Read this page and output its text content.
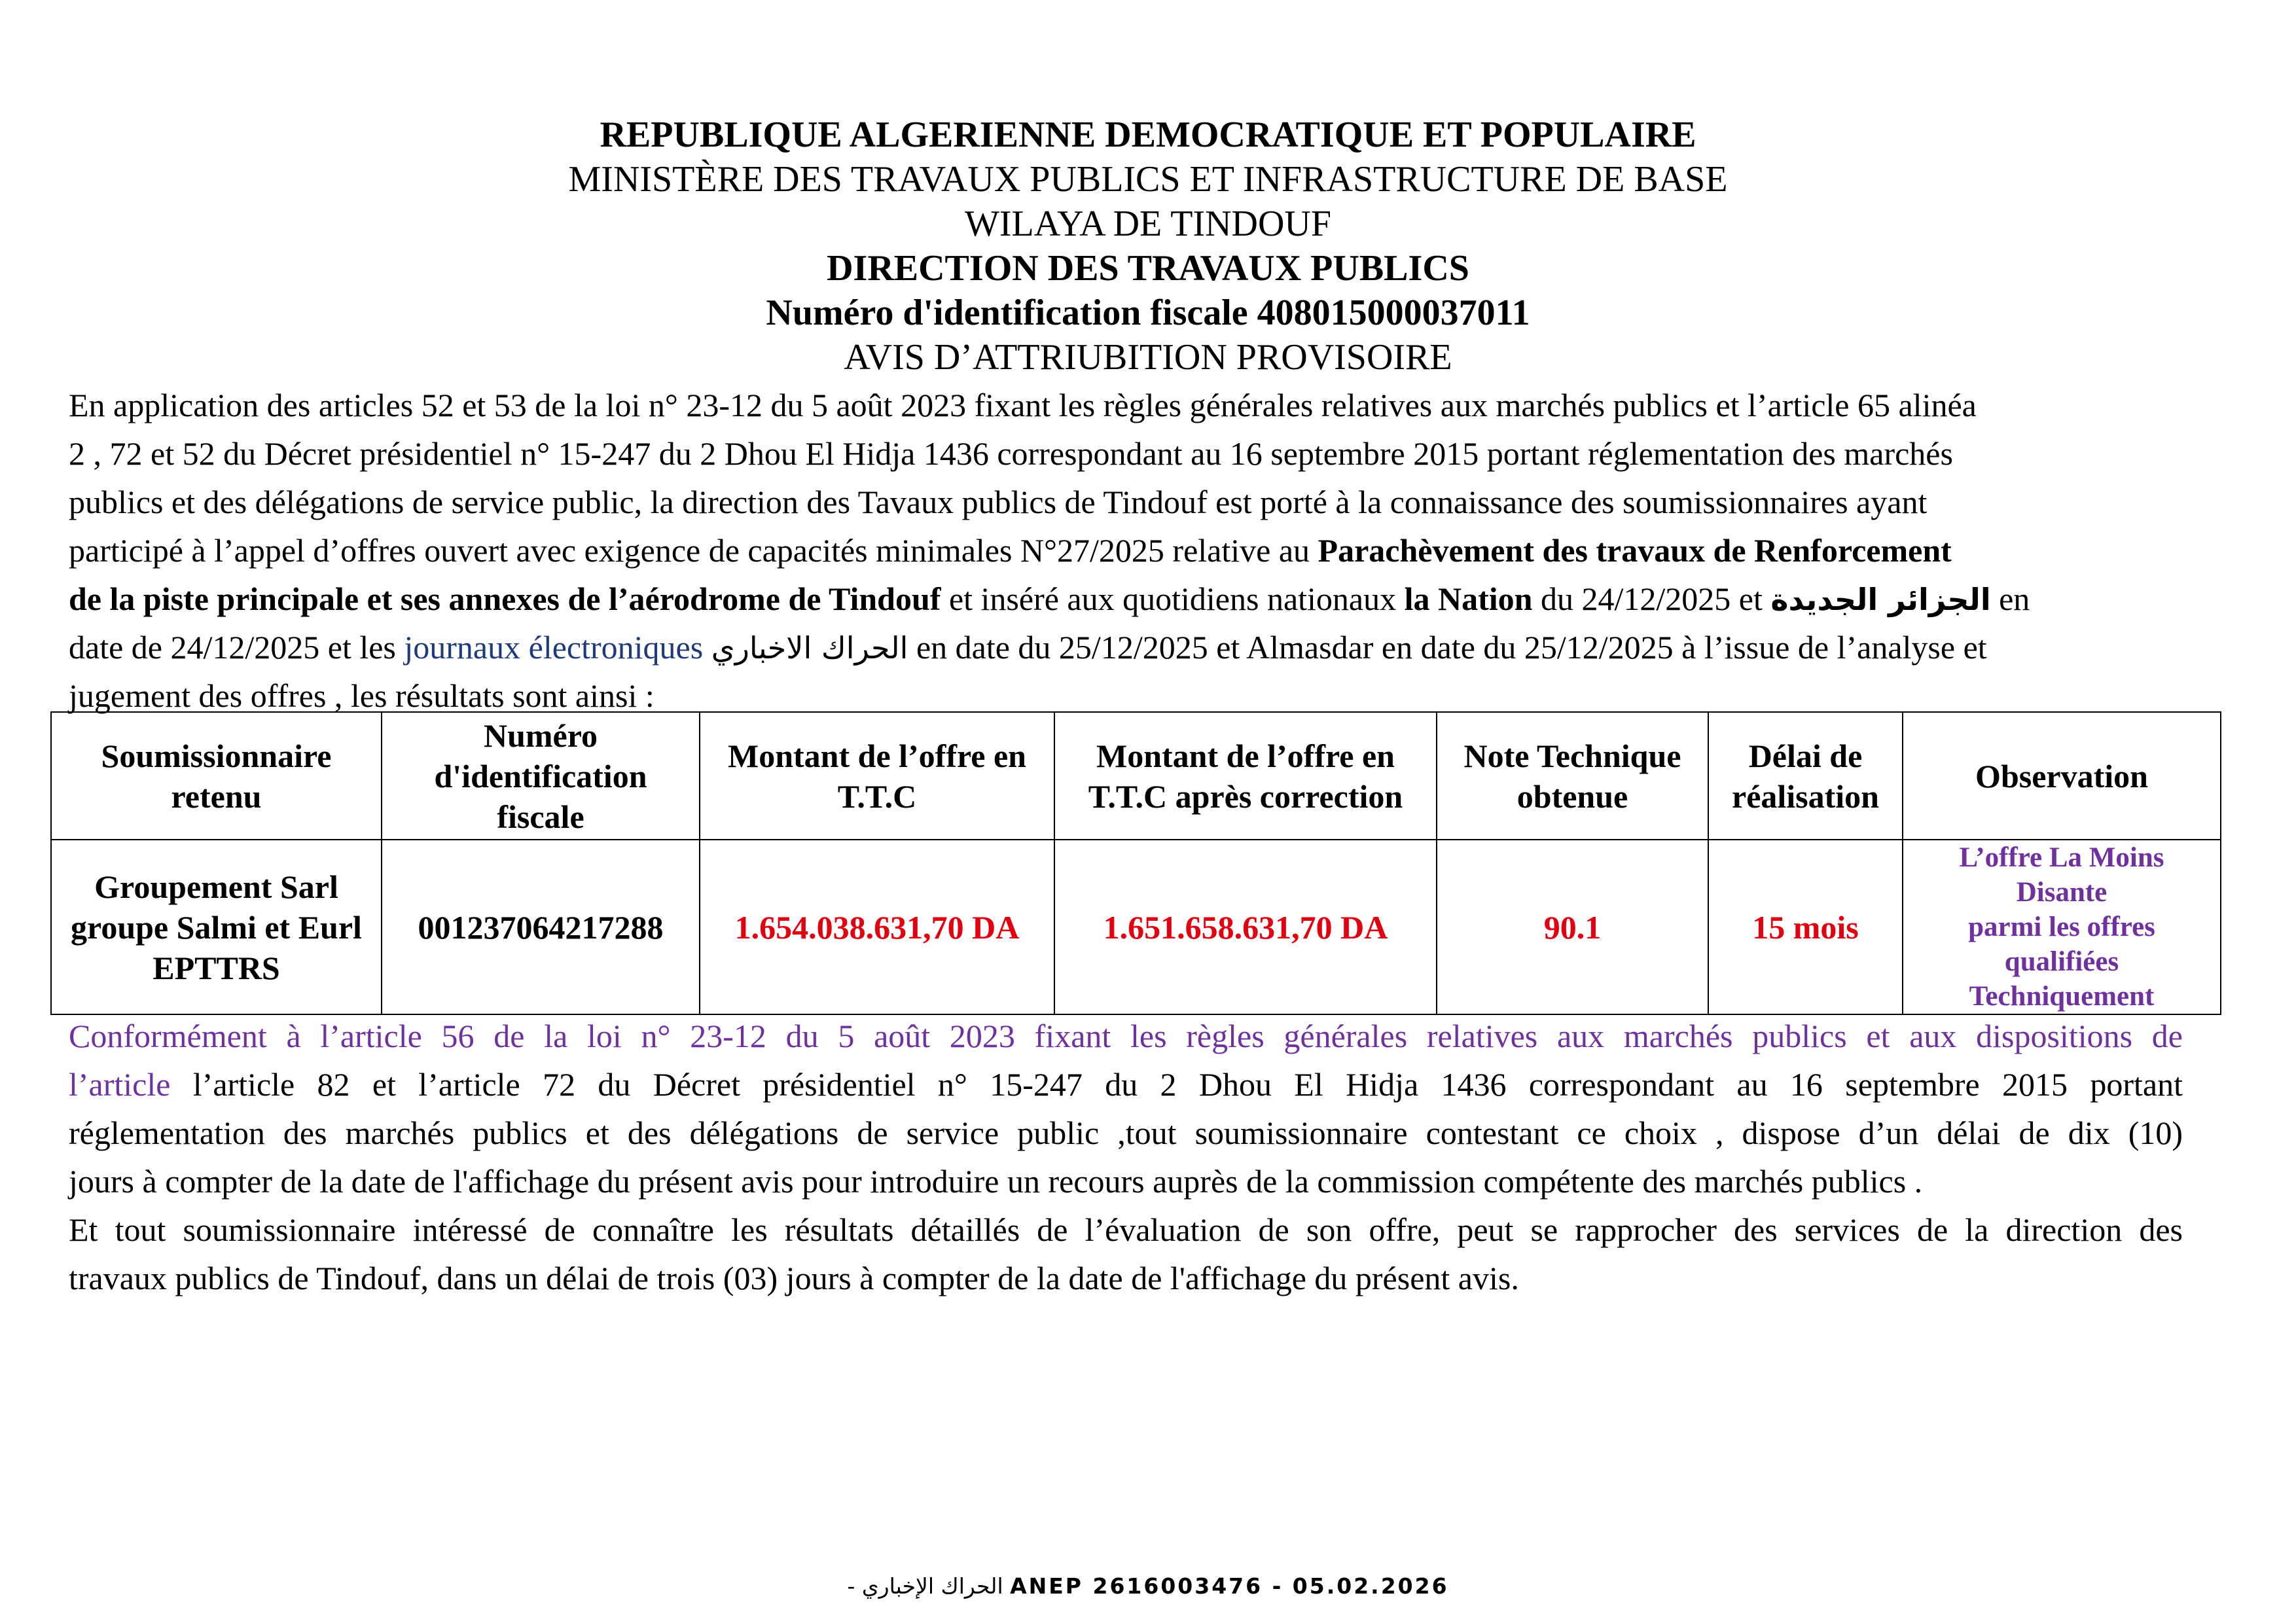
REPUBLIQUE ALGERIENNE DEMOCRATIQUE ET POPULAIRE
MINISTÈRE DES TRAVAUX PUBLICS ET INFRASTRUCTURE DE BASE
WILAYA DE TINDOUF
DIRECTION DES TRAVAUX PUBLICS
Numéro d'identification fiscale 408015000037011
AVIS D’ATTRIUBITION PROVISOIRE
En application des articles 52 et 53 de la loi n° 23-12 du 5 août 2023 fixant les règles générales relatives aux marchés publics et l’article 65 alinéa
2 , 72 et 52 du Décret présidentiel n° 15-247 du 2 Dhou El Hidja 1436 correspondant au 16 septembre 2015 portant réglementation des marchés
publics et des délégations de service public, la direction des Tavaux publics de Tindouf est porté à la connaissance des soumissionnaires ayant
participé à l’appel d’offres ouvert avec exigence de capacités minimales N°27/2025 relative au Parachèvement des travaux de Renforcement
de la piste principale et ses annexes de l’aérodrome de Tindouf et inséré aux quotidiens nationaux la Nation du 24/12/2025 et الجزائر الجديدة en
date de 24/12/2025 et les journaux électroniques الحراك الاخباري en date du 25/12/2025 et Almasdar en date du 25/12/2025 à l’issue de l’analyse et
jugement des offres , les résultats sont ainsi :
Soumissionnaire retenu	Numéro d'identification fiscale	Montant de l’offre en T.T.C	Montant de l’offre en T.T.C après correction	Note Technique obtenue	Délai de réalisation	Observation
Groupement Sarl groupe Salmi et Eurl EPTTRS	001237064217288	1.654.038.631,70 DA	1.651.658.631,70 DA	90.1	15 mois	L’offre La Moins
Disante
parmi les offres
qualifiées
Techniquement
Conformément à l’article 56 de la loi n° 23-12 du 5 août 2023 fixant les règles générales relatives aux marchés publics et aux dispositions de
l’article l’article 82 et l’article 72 du Décret présidentiel n° 15-247 du 2 Dhou El Hidja 1436 correspondant au 16 septembre 2015 portant
réglementation des marchés publics et des délégations de service public ,tout soumissionnaire contestant ce choix , dispose d’un délai de dix (10)
jours à compter de la date de l'affichage du présent avis pour introduire un recours auprès de la commission compétente des marchés publics .
Et tout soumissionnaire intéressé de connaître les résultats détaillés de l’évaluation de son offre, peut se rapprocher des services de la direction des
travaux publics de Tindouf, dans un délai de trois (03) jours à compter de la date de l'affichage du présent avis.
الحراك الإخباري - ANEP 2616003476 - 05.02.2026
